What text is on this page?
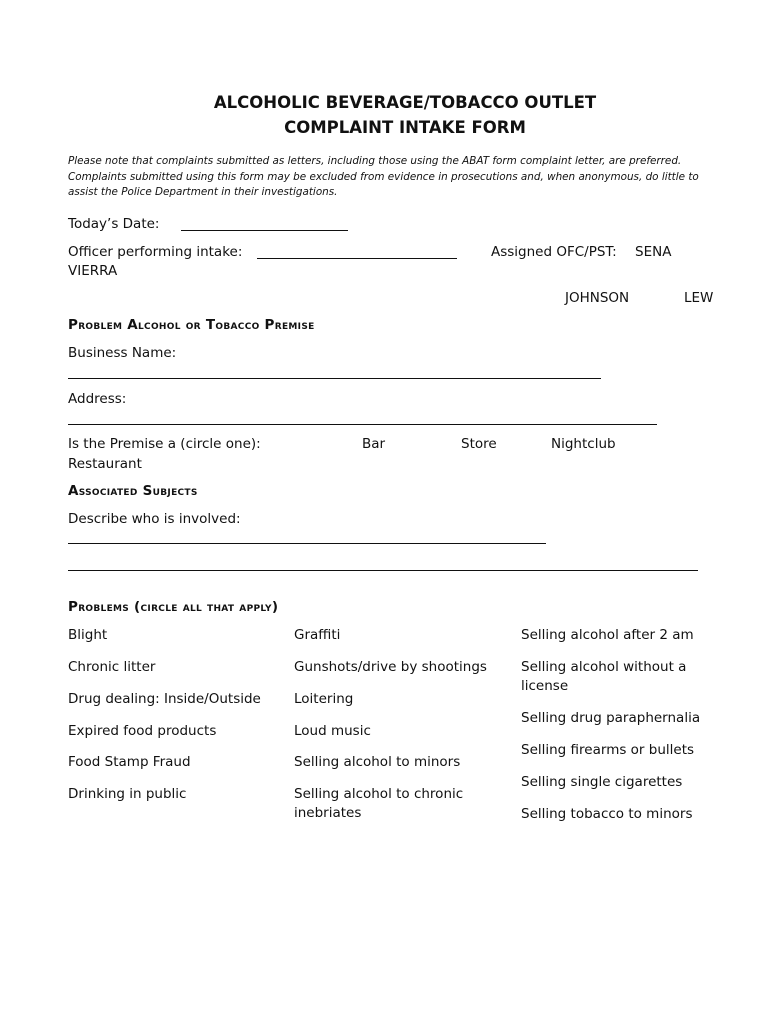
ALCOHOLIC BEVERAGE/TOBACCO OUTLET
COMPLAINT INTAKE FORM
Please note that complaints submitted as letters, including those using the ABAT form complaint letter, are preferred. Complaints submitted using this form may be excluded from evidence in prosecutions and, when anonymous, do little to assist the Police Department in their investigations.
Today’s Date:
Officer performing intake:	Assigned OFC/PST: SENA
VIERRA
JOHNSON	LEW
Problem Alcohol or Tobacco Premise
Business Name:
Address:
Is the Premise a (circle one):	Bar	Store	Nightclub
Restaurant
Associated Subjects
Describe who is involved:
Problems (circle all that apply)
Blight
Chronic litter
Drug dealing: Inside/Outside
Expired food products
Food Stamp Fraud
Drinking in public
Graffiti
Gunshots/drive by shootings
Loitering
Loud music
Selling alcohol to minors
Selling alcohol to chronic inebriates
Selling alcohol after 2 am
Selling alcohol without a license
Selling drug paraphernalia
Selling firearms or bullets
Selling single cigarettes
Selling tobacco to minors
